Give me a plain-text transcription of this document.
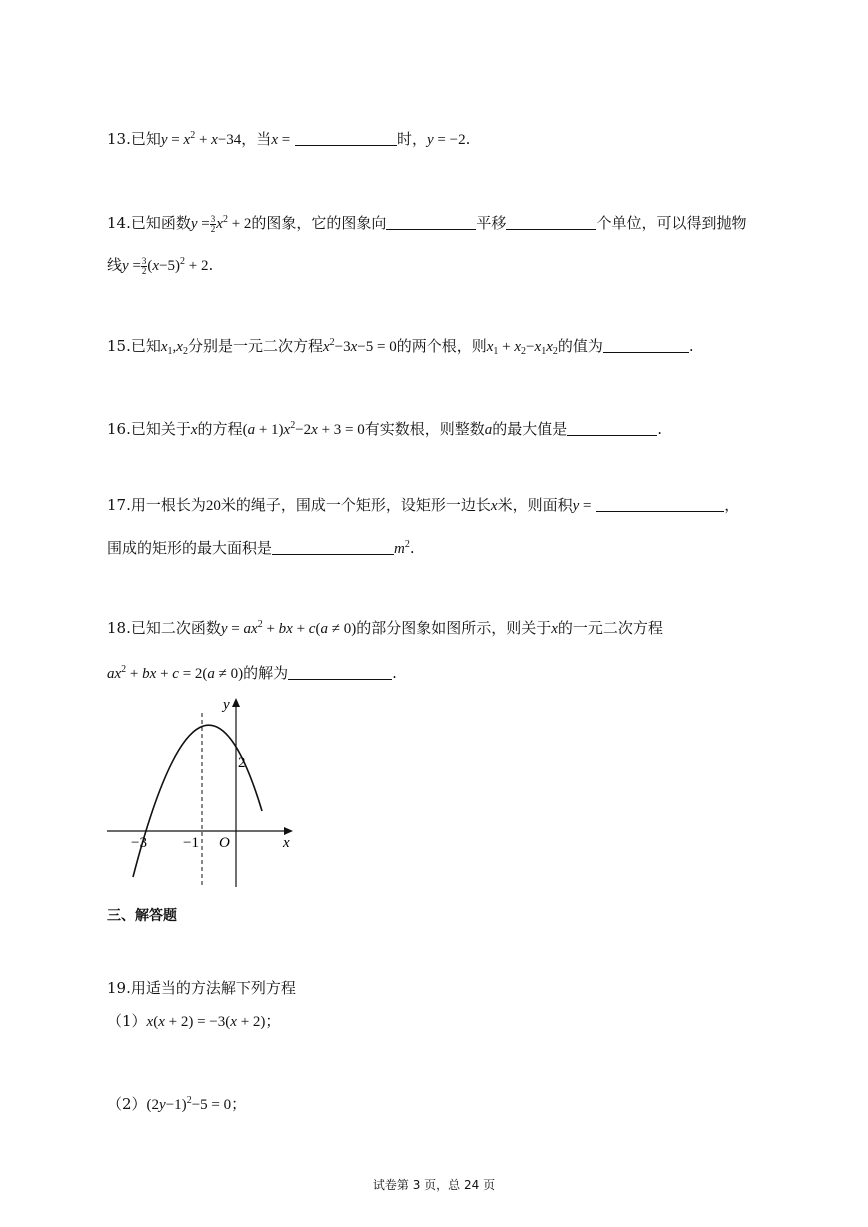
13.已知$y = x^2 + x-34$，当x =	时，y = −2.
14.已知函数$y = \frac{3}{2} x^2 + 2$的图象，它的图象向	平移	个单位，可以得到抛物
线$y = \frac{3}{2} (x-5)^2 + 2$.
15.已知$x_1,x_2$分别是一元二次方程$x^2-3x-5 = 0$的两个根，则$x_1 + x_2-x_1x_2$的值为	.
16.已知关于x的方程$(a + 1)x^2-2x + 3 = 0$有实数根，则整数a的最大值是	.
17.用一根长为20米的绳子，围成一个矩形，设矩形一边长x米，则面积y =	，
围成的矩形的最大面积是	$m^2$.
18.已知二次函数$y = ax^2$ + bx + c(a ≠ 0)的部分图象如图所示，则关于x的一元二次方程
$ax^2$ + bx + c = 2(a ≠ 0)的解为	.
−3 −1 O
2
x
y
三、解答题
19.用适当的方法解下列方程
（1）x(x + 2) = −3(x + 2)；
$(2)(2y-1)^2-5 = 0$；
试卷第 3 页，总 24 页
